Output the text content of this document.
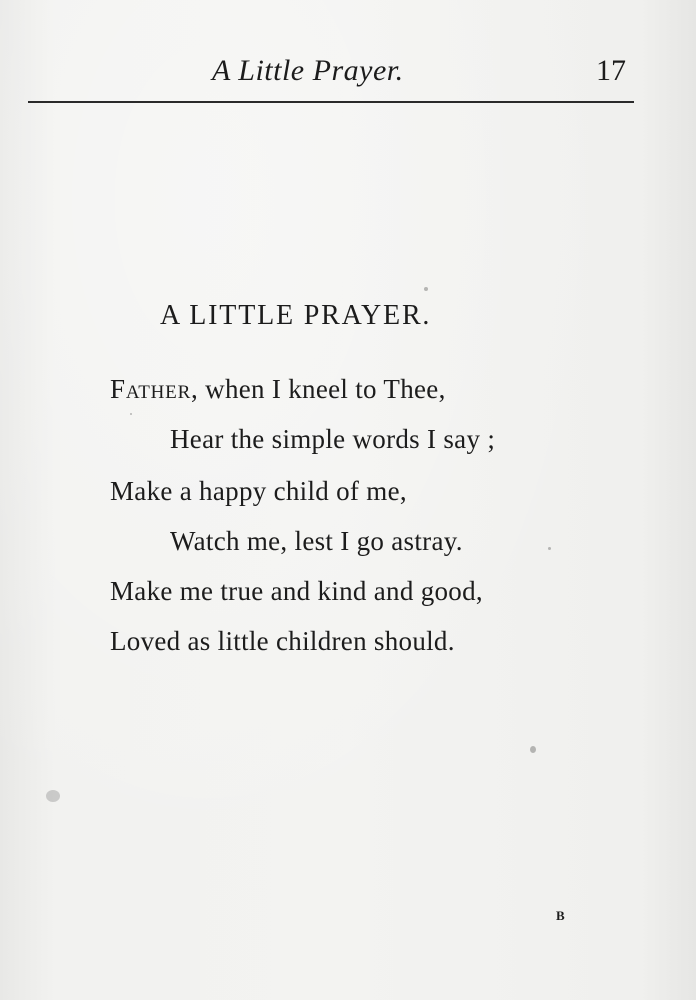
A Little Prayer.	17
A LITTLE PRAYER.
Father, when I kneel to Thee,
Hear the simple words I say ;
Make a happy child of me,
Watch me, lest I go astray.
Make me true and kind and good,
Loved as little children should.
B
